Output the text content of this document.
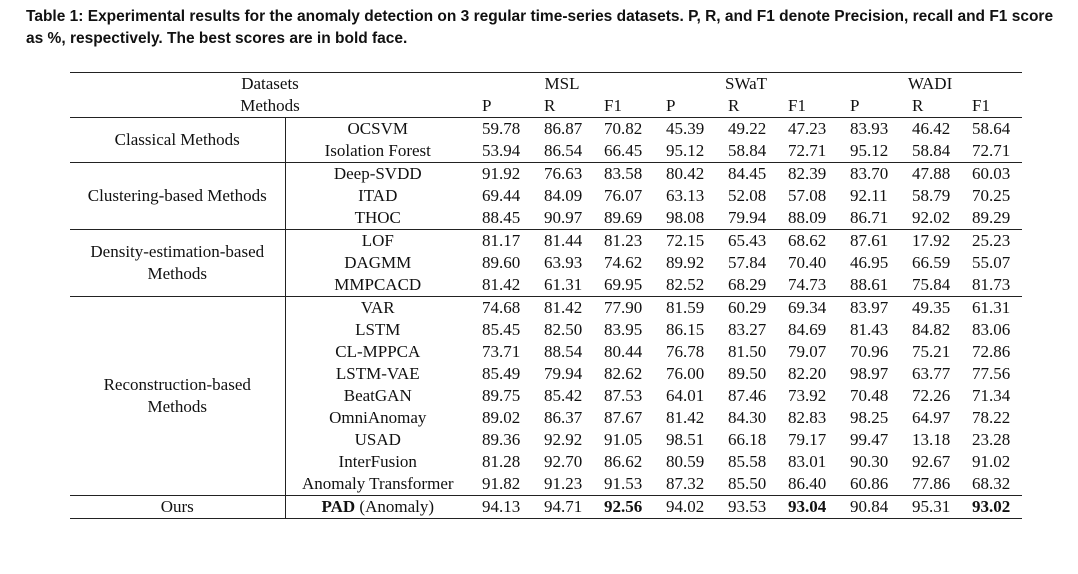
Table 1: Experimental results for the anomaly detection on 3 regular time-series datasets. P, R, and F1 denote Precision, recall and F1 score as %, respectively. The best scores are in bold face.

Datasets		MSL			SWaT			WADI		
Methods		P	R	F1	P	R	F1	P	R	F1
Classical Methods	OCSVM	59.78	86.87	70.82	45.39	49.22	47.23	83.93	46.42	58.64
	Isolation Forest	53.94	86.54	66.45	95.12	58.84	72.71	95.12	58.84	72.71
Clustering-based Methods	Deep-SVDD	91.92	76.63	83.58	80.42	84.45	82.39	83.70	47.88	60.03
	ITAD	69.44	84.09	76.07	63.13	52.08	57.08	92.11	58.79	70.25
	THOC	88.45	90.97	89.69	98.08	79.94	88.09	86.71	92.02	89.29
Density-estimation-based Methods	LOF	81.17	81.44	81.23	72.15	65.43	68.62	87.61	17.92	25.23
	DAGMM	89.60	63.93	74.62	89.92	57.84	70.40	46.95	66.59	55.07
	MMPCACD	81.42	61.31	69.95	82.52	68.29	74.73	88.61	75.84	81.73
Reconstruction-based Methods	VAR	74.68	81.42	77.90	81.59	60.29	69.34	83.97	49.35	61.31
	LSTM	85.45	82.50	83.95	86.15	83.27	84.69	81.43	84.82	83.06
	CL-MPPCA	73.71	88.54	80.44	76.78	81.50	79.07	70.96	75.21	72.86
	LSTM-VAE	85.49	79.94	82.62	76.00	89.50	82.20	98.97	63.77	77.56
	BeatGAN	89.75	85.42	87.53	64.01	87.46	73.92	70.48	72.26	71.34
	OmniAnomay	89.02	86.37	87.67	81.42	84.30	82.83	98.25	64.97	78.22
	USAD	89.36	92.92	91.05	98.51	66.18	79.17	99.47	13.18	23.28
	InterFusion	81.28	92.70	86.62	80.59	85.58	83.01	90.30	92.67	91.02
	Anomaly Transformer	91.82	91.23	91.53	87.32	85.50	86.40	60.86	77.86	68.32
Ours	PAD (Anomaly)	94.13	94.71	92.56	94.02	93.53	93.04	90.84	95.31	93.02
